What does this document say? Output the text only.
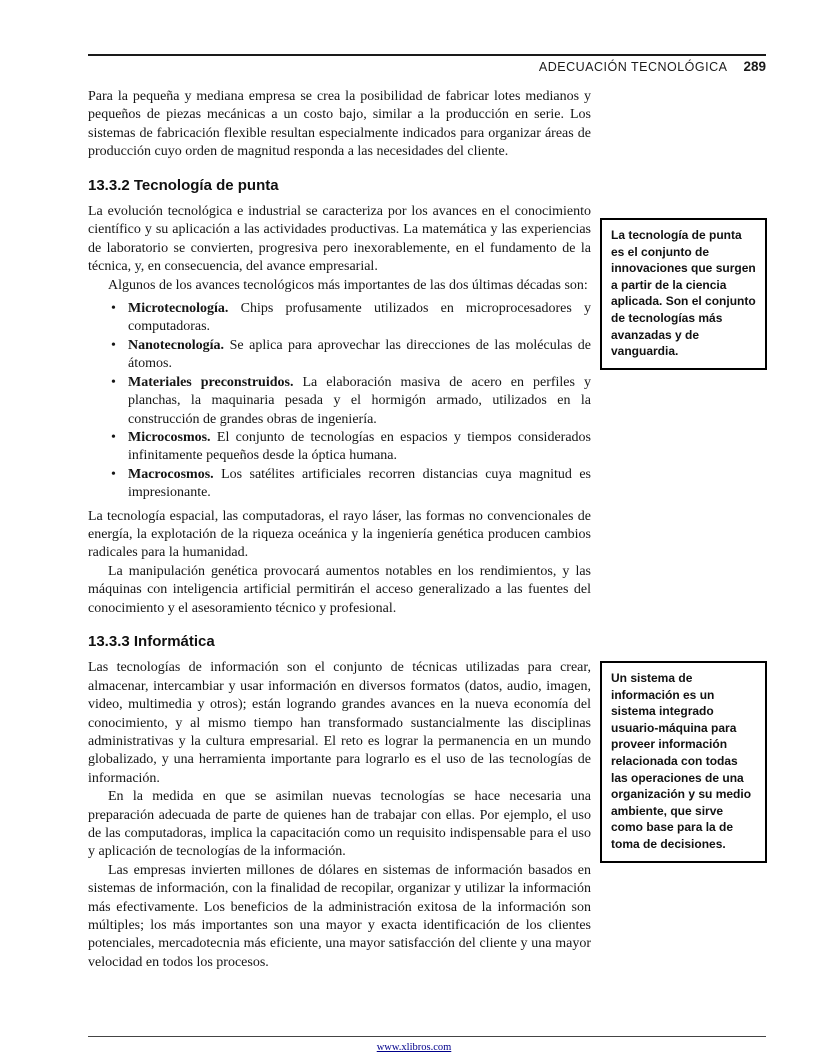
ADECUACIÓN TECNOLÓGICA 289

Para la pequeña y mediana empresa se crea la posibilidad de fabricar lotes medianos y pequeños de piezas mecánicas a un costo bajo, similar a la producción en serie. Los sistemas de fabricación flexible resultan especialmente indicados para organizar áreas de producción cuyo orden de magnitud responda a las necesidades del cliente.

13.3.2 Tecnología de punta

La evolución tecnológica e industrial se caracteriza por los avances en el conocimiento científico y su aplicación a las actividades productivas. La matemática y las experiencias de laboratorio se convierten, progresiva pero inexorablemente, en el fundamento de la técnica, y, en consecuencia, del avance empresarial.

Algunos de los avances tecnológicos más importantes de las dos últimas décadas son:

• Microtecnología. Chips profusamente utilizados en microprocesadores y computadoras.
• Nanotecnología. Se aplica para aprovechar las direcciones de las moléculas de átomos.
• Materiales preconstruidos. La elaboración masiva de acero en perfiles y planchas, la maquinaria pesada y el hormigón armado, utilizados en la construcción de grandes obras de ingeniería.
• Microcosmos. El conjunto de tecnologías en espacios y tiempos considerados infinitamente pequeños desde la óptica humana.
• Macrocosmos. Los satélites artificiales recorren distancias cuya magnitud es impresionante.

La tecnología espacial, las computadoras, el rayo láser, las formas no convencionales de energía, la explotación de la riqueza oceánica y la ingeniería genética producen cambios radicales para la humanidad.

La manipulación genética provocará aumentos notables en los rendimientos, y las máquinas con inteligencia artificial permitirán el acceso generalizado a las fuentes del conocimiento y el asesoramiento técnico y profesional.

13.3.3 Informática

Las tecnologías de información son el conjunto de técnicas utilizadas para crear, almacenar, intercambiar y usar información en diversos formatos (datos, audio, imagen, video, multimedia y otros); están logrando grandes avances en la nueva economía del conocimiento, y al mismo tiempo han transformado sustancialmente las disciplinas administrativas y la cultura empresarial. El reto es lograr la permanencia en un mundo globalizado, y una herramienta importante para lograrlo es el uso de las tecnologías de información.

En la medida en que se asimilan nuevas tecnologías se hace necesaria una preparación adecuada de parte de quienes han de trabajar con ellas. Por ejemplo, el uso de las computadoras, implica la capacitación como un requisito indispensable para el uso y aplicación de tecnologías de la información.

Las empresas invierten millones de dólares en sistemas de información basados en sistemas de información, con la finalidad de recopilar, organizar y utilizar la información más efectivamente. Los beneficios de la administración exitosa de la información son múltiples; los más importantes son una mayor y exacta identificación de los clientes potenciales, mercadotecnia más eficiente, una mayor satisfacción del cliente y una mayor velocidad en todos los procesos.

La tecnología de punta es el conjunto de innovaciones que surgen a partir de la ciencia aplicada. Son el conjunto de tecnologías más avanzadas y de vanguardia.
Un sistema de información es un sistema integrado usuario-máquina para proveer información relacionada con todas las operaciones de una organización y su medio ambiente, que sirve como base para la de toma de decisiones.
www.xlibros.com
